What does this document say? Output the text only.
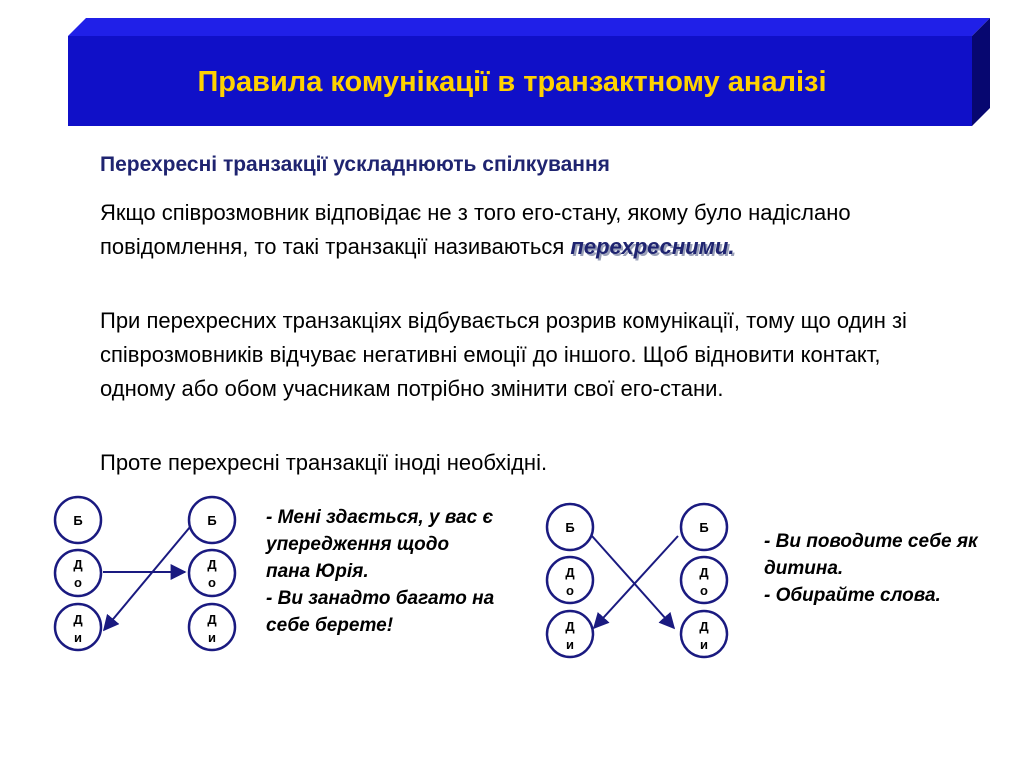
Правила комунікації в транзактному аналізі
Перехресні транзакції ускладнюють спілкування

Якщо співрозмовник відповідає не з того его-стану, якому було надіслано повідомлення, то такі транзакції називаються перехресними.

При перехресних транзакціях відбувається розрив комунікації, тому що один зі співрозмовників відчуває негативні емоції до іншого. Щоб відновити контакт, одному або обом учасникам потрібно змінити свої его-стани.

Проте перехресні транзакції іноді необхідні.

Б
Д
о
Д
и
Б
Д
о
Д
и

- Мені здається, у вас є упередження щодо пана Юрія.
- Ви занадто багато на себе берете!

Б
Д
о
Д
и
Б
Д
о
Д
и

- Ви поводите себе як дитина.
- Обирайте слова.
